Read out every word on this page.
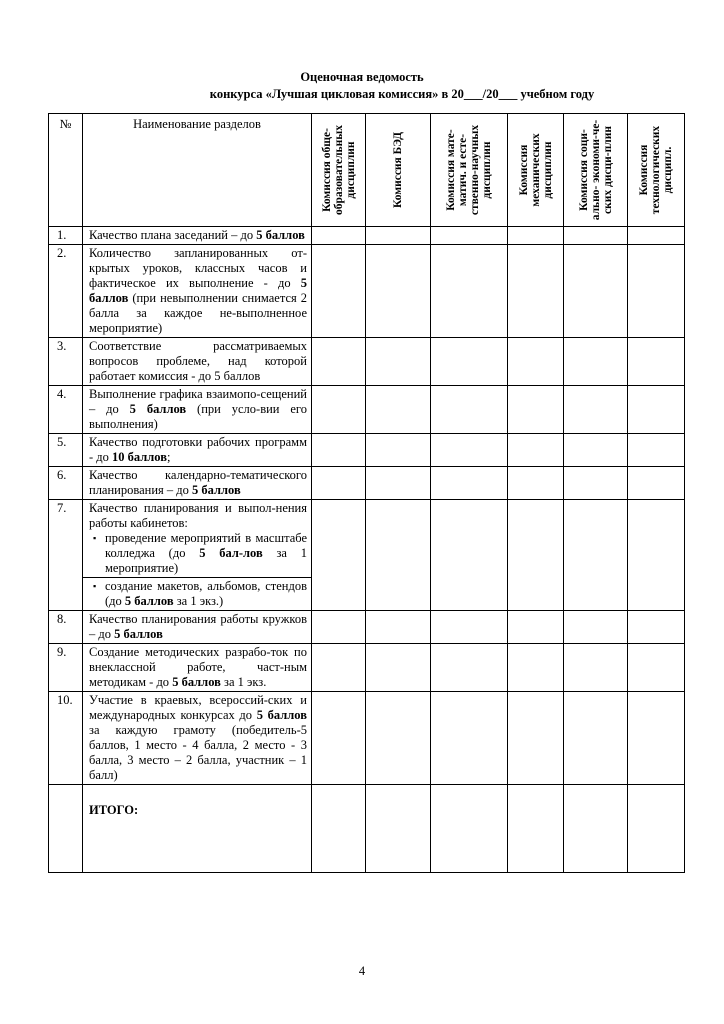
Оценочная ведомость
конкурса «Лучшая цикловая комиссия» в 20___/20___ учебном году
№	Наименование разделов	Комиссия обще-образовательных дисциплин	Комиссия БЭД	Комиссия мате-матич. и есте-ственно-научных дисциплин	Комиссия механических дисциплин	Комиссия соци-ально- экономи-че-ских дисци-плин	Комиссия технологических дисципл.

1.	Качество плана заседаний – до 5 баллов						
2.	Количество запланированных от-крытых уроков, классных часов и фактическое их выполнение - до 5 баллов (при невыполнении снимается 2 балла за каждое не-выполненное мероприятие)						
3.	Соответствие рассматриваемых вопросов проблеме, над которой работает комиссия - до 5 баллов						
4.	Выполнение графика взаимопо-сещений – до 5 баллов (при усло-вии его выполнения)						
5.	Качество подготовки рабочих программ - до 10 баллов;						
6.	Качество календарно-тематического планирования – до 5 баллов						
7.	Качество планирования и выпол-нения работы кабинетов:
▪ проведение мероприятий в масштабе колледжа (до 5 бал-лов за 1 мероприятие)						

	▪ создание макетов, альбомов, стендов (до 5 баллов за 1 экз.)						

8.	Качество планирования работы кружков – до 5 баллов						
9.	Создание методических разрабо-ток по внеклассной работе, част-ным методикам - до 5 баллов за 1 экз.						
10.	Участие в краевых, всероссий-ских и международных конкурсах до 5 баллов за каждую грамоту (победитель-5 баллов, 1 место - 4 балла, 2 место - 3 балла, 3 место – 2 балла, участник – 1 балл)						
	ИТОГО:						
4
